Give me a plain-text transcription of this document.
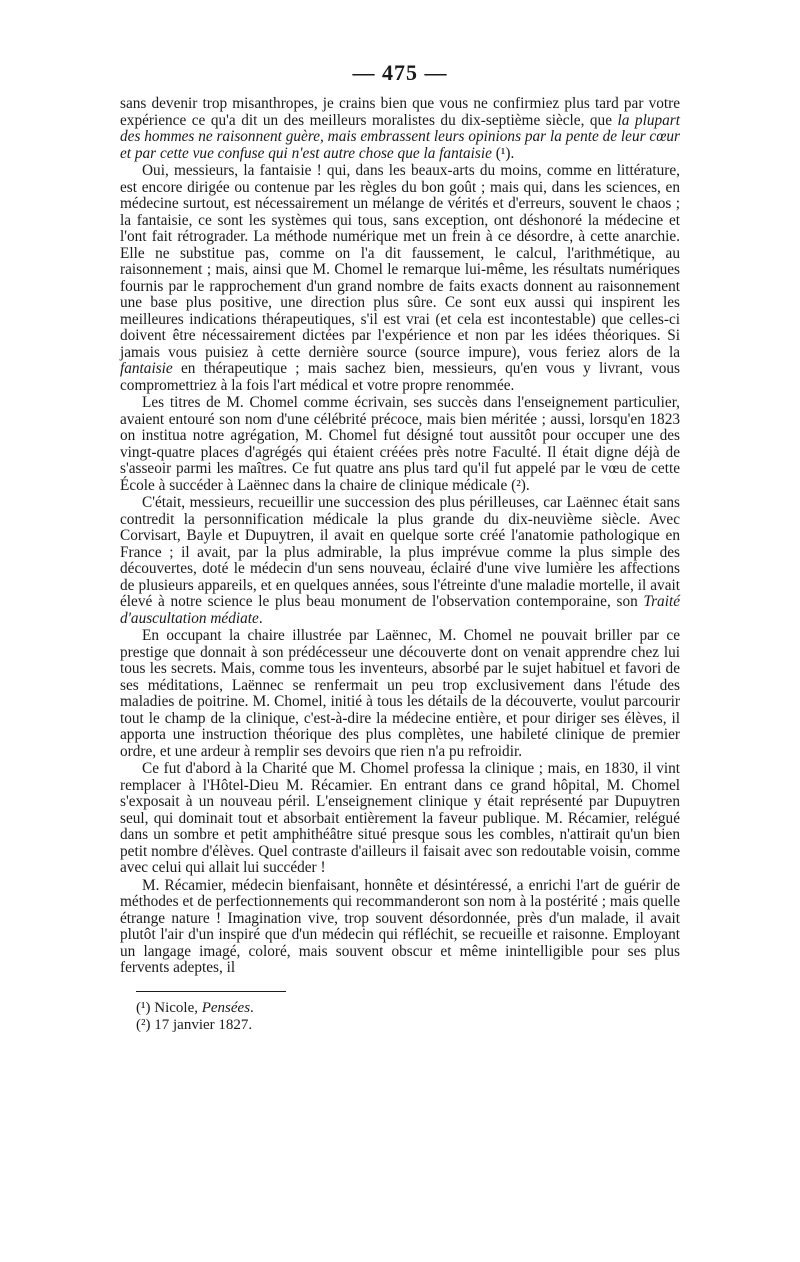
— 475 —

sans devenir trop misanthropes, je crains bien que vous ne confirmiez plus tard par votre expérience ce qu'a dit un des meilleurs moralistes du dix-septième siècle, que la plupart des hommes ne raisonnent guère, mais embrassent leurs opinions par la pente de leur cœur et par cette vue confuse qui n'est autre chose que la fantaisie (¹).

Oui, messieurs, la fantaisie ! qui, dans les beaux-arts du moins, comme en littérature, est encore dirigée ou contenue par les règles du bon goût ; mais qui, dans les sciences, en médecine surtout, est nécessairement un mélange de vérités et d'erreurs, souvent le chaos ; la fantaisie, ce sont les systèmes qui tous, sans exception, ont déshonoré la médecine et l'ont fait rétrograder. La méthode numérique met un frein à ce désordre, à cette anarchie. Elle ne substitue pas, comme on l'a dit faussement, le calcul, l'arithmétique, au raisonnement ; mais, ainsi que M. Chomel le remarque lui-même, les résultats numériques fournis par le rapprochement d'un grand nombre de faits exacts donnent au raisonnement une base plus positive, une direction plus sûre. Ce sont eux aussi qui inspirent les meilleures indications thérapeutiques, s'il est vrai (et cela est incontestable) que celles-ci doivent être nécessairement dictées par l'expérience et non par les idées théoriques. Si jamais vous puisiez à cette dernière source (source impure), vous feriez alors de la fantaisie en thérapeutique ; mais sachez bien, messieurs, qu'en vous y livrant, vous compromettriez à la fois l'art médical et votre propre renommée.

Les titres de M. Chomel comme écrivain, ses succès dans l'enseignement particulier, avaient entouré son nom d'une célébrité précoce, mais bien méritée ; aussi, lorsqu'en 1823 on institua notre agrégation, M. Chomel fut désigné tout aussitôt pour occuper une des vingt-quatre places d'agrégés qui étaient créées près notre Faculté. Il était digne déjà de s'asseoir parmi les maîtres. Ce fut quatre ans plus tard qu'il fut appelé par le vœu de cette École à succéder à Laënnec dans la chaire de clinique médicale (²).

C'était, messieurs, recueillir une succession des plus périlleuses, car Laënnec était sans contredit la personnification médicale la plus grande du dix-neuvième siècle. Avec Corvisart, Bayle et Dupuytren, il avait en quelque sorte créé l'anatomie pathologique en France ; il avait, par la plus admirable, la plus imprévue comme la plus simple des découvertes, doté le médecin d'un sens nouveau, éclairé d'une vive lumière les affections de plusieurs appareils, et en quelques années, sous l'étreinte d'une maladie mortelle, il avait élevé à notre science le plus beau monument de l'observation contemporaine, son Traité d'auscultation médiate.

En occupant la chaire illustrée par Laënnec, M. Chomel ne pouvait briller par ce prestige que donnait à son prédécesseur une découverte dont on venait apprendre chez lui tous les secrets. Mais, comme tous les inventeurs, absorbé par le sujet habituel et favori de ses méditations, Laënnec se renfermait un peu trop exclusivement dans l'étude des maladies de poitrine. M. Chomel, initié à tous les détails de la découverte, voulut parcourir tout le champ de la clinique, c'est-à-dire la médecine entière, et pour diriger ses élèves, il apporta une instruction théorique des plus complètes, une habileté clinique de premier ordre, et une ardeur à remplir ses devoirs que rien n'a pu refroidir.

Ce fut d'abord à la Charité que M. Chomel professa la clinique ; mais, en 1830, il vint remplacer à l'Hôtel-Dieu M. Récamier. En entrant dans ce grand hôpital, M. Chomel s'exposait à un nouveau péril. L'enseignement clinique y était représenté par Dupuytren seul, qui dominait tout et absorbait entièrement la faveur publique. M. Récamier, relégué dans un sombre et petit amphithéâtre situé presque sous les combles, n'attirait qu'un bien petit nombre d'élèves. Quel contraste d'ailleurs il faisait avec son redoutable voisin, comme avec celui qui allait lui succéder !

M. Récamier, médecin bienfaisant, honnête et désintéressé, a enrichi l'art de guérir de méthodes et de perfectionnements qui recommanderont son nom à la postérité ; mais quelle étrange nature ! Imagination vive, trop souvent désordonnée, près d'un malade, il avait plutôt l'air d'un inspiré que d'un médecin qui réfléchit, se recueille et raisonne. Employant un langage imagé, coloré, mais souvent obscur et même inintelligible pour ses plus fervents adeptes, il

(¹) Nicole, Pensées.
(²) 17 janvier 1827.
